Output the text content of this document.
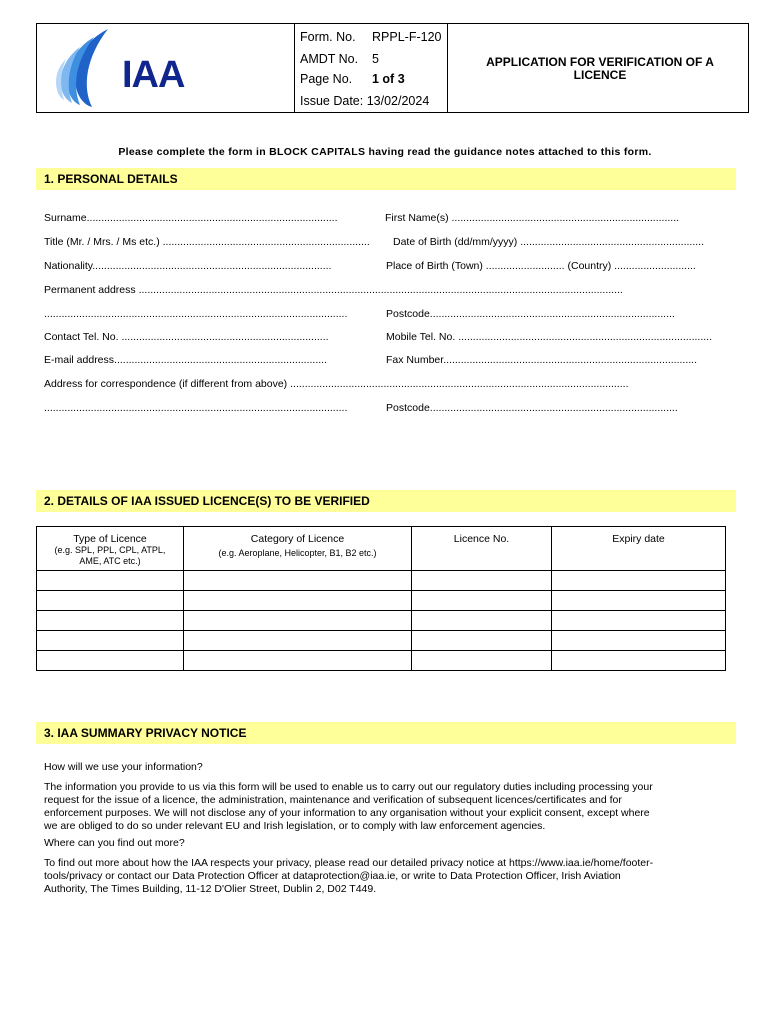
IAA
Form. No. RPPL-F-120
AMDT No. 5
Page No. 1 of 3
Issue Date: 13/02/2024
APPLICATION FOR VERIFICATION OF A
LICENCE
Please complete the form in BLOCK CAPITALS having read the guidance notes attached to this form.
1. PERSONAL DETAILS
Surname......................................................................................	First Name(s) ..............................................................................
Title (Mr. / Mrs. / Ms etc.) ....................................................................... Date of Birth (dd/mm/yyyy) ...............................................................
Nationality..................................................................................	Place of Birth (Town) ........................... (Country) ............................
Permanent address ......................................................................................................................................................................
........................................................................................................	Postcode....................................................................................
Contact Tel. No. .......................................................................	Mobile Tel. No. .......................................................................................
E-mail address.........................................................................	Fax Number.......................................................................................
Address for correspondence (if different from above) ....................................................................................................................
........................................................................................................	Postcode.....................................................................................
2. DETAILS OF IAA ISSUED LICENCE(S) TO BE VERIFIED
Type of Licence
(e.g. SPL, PPL, CPL, ATPL,
AME, ATC etc.)	Category of Licence
(e.g. Aeroplane, Helicopter, B1, B2 etc.)	Licence No.	Expiry date

3. IAA SUMMARY PRIVACY NOTICE
How will we use your information?
The information you provide to us via this form will be used to enable us to carry out our regulatory duties including processing your
request for the issue of a licence, the administration, maintenance and verification of subsequent licences/certificates and for
enforcement purposes. We will not disclose any of your information to any organisation without your explicit consent, except where
we are obliged to do so under relevant EU and Irish legislation, or to comply with law enforcement agencies.
Where can you find out more?
To find out more about how the IAA respects your privacy, please read our detailed privacy notice at https://www.iaa.ie/home/footer-
tools/privacy or contact our Data Protection Officer at dataprotection@iaa.ie, or write to Data Protection Officer, Irish Aviation
Authority, The Times Building, 11-12 D'Olier Street, Dublin 2, D02 T449.
